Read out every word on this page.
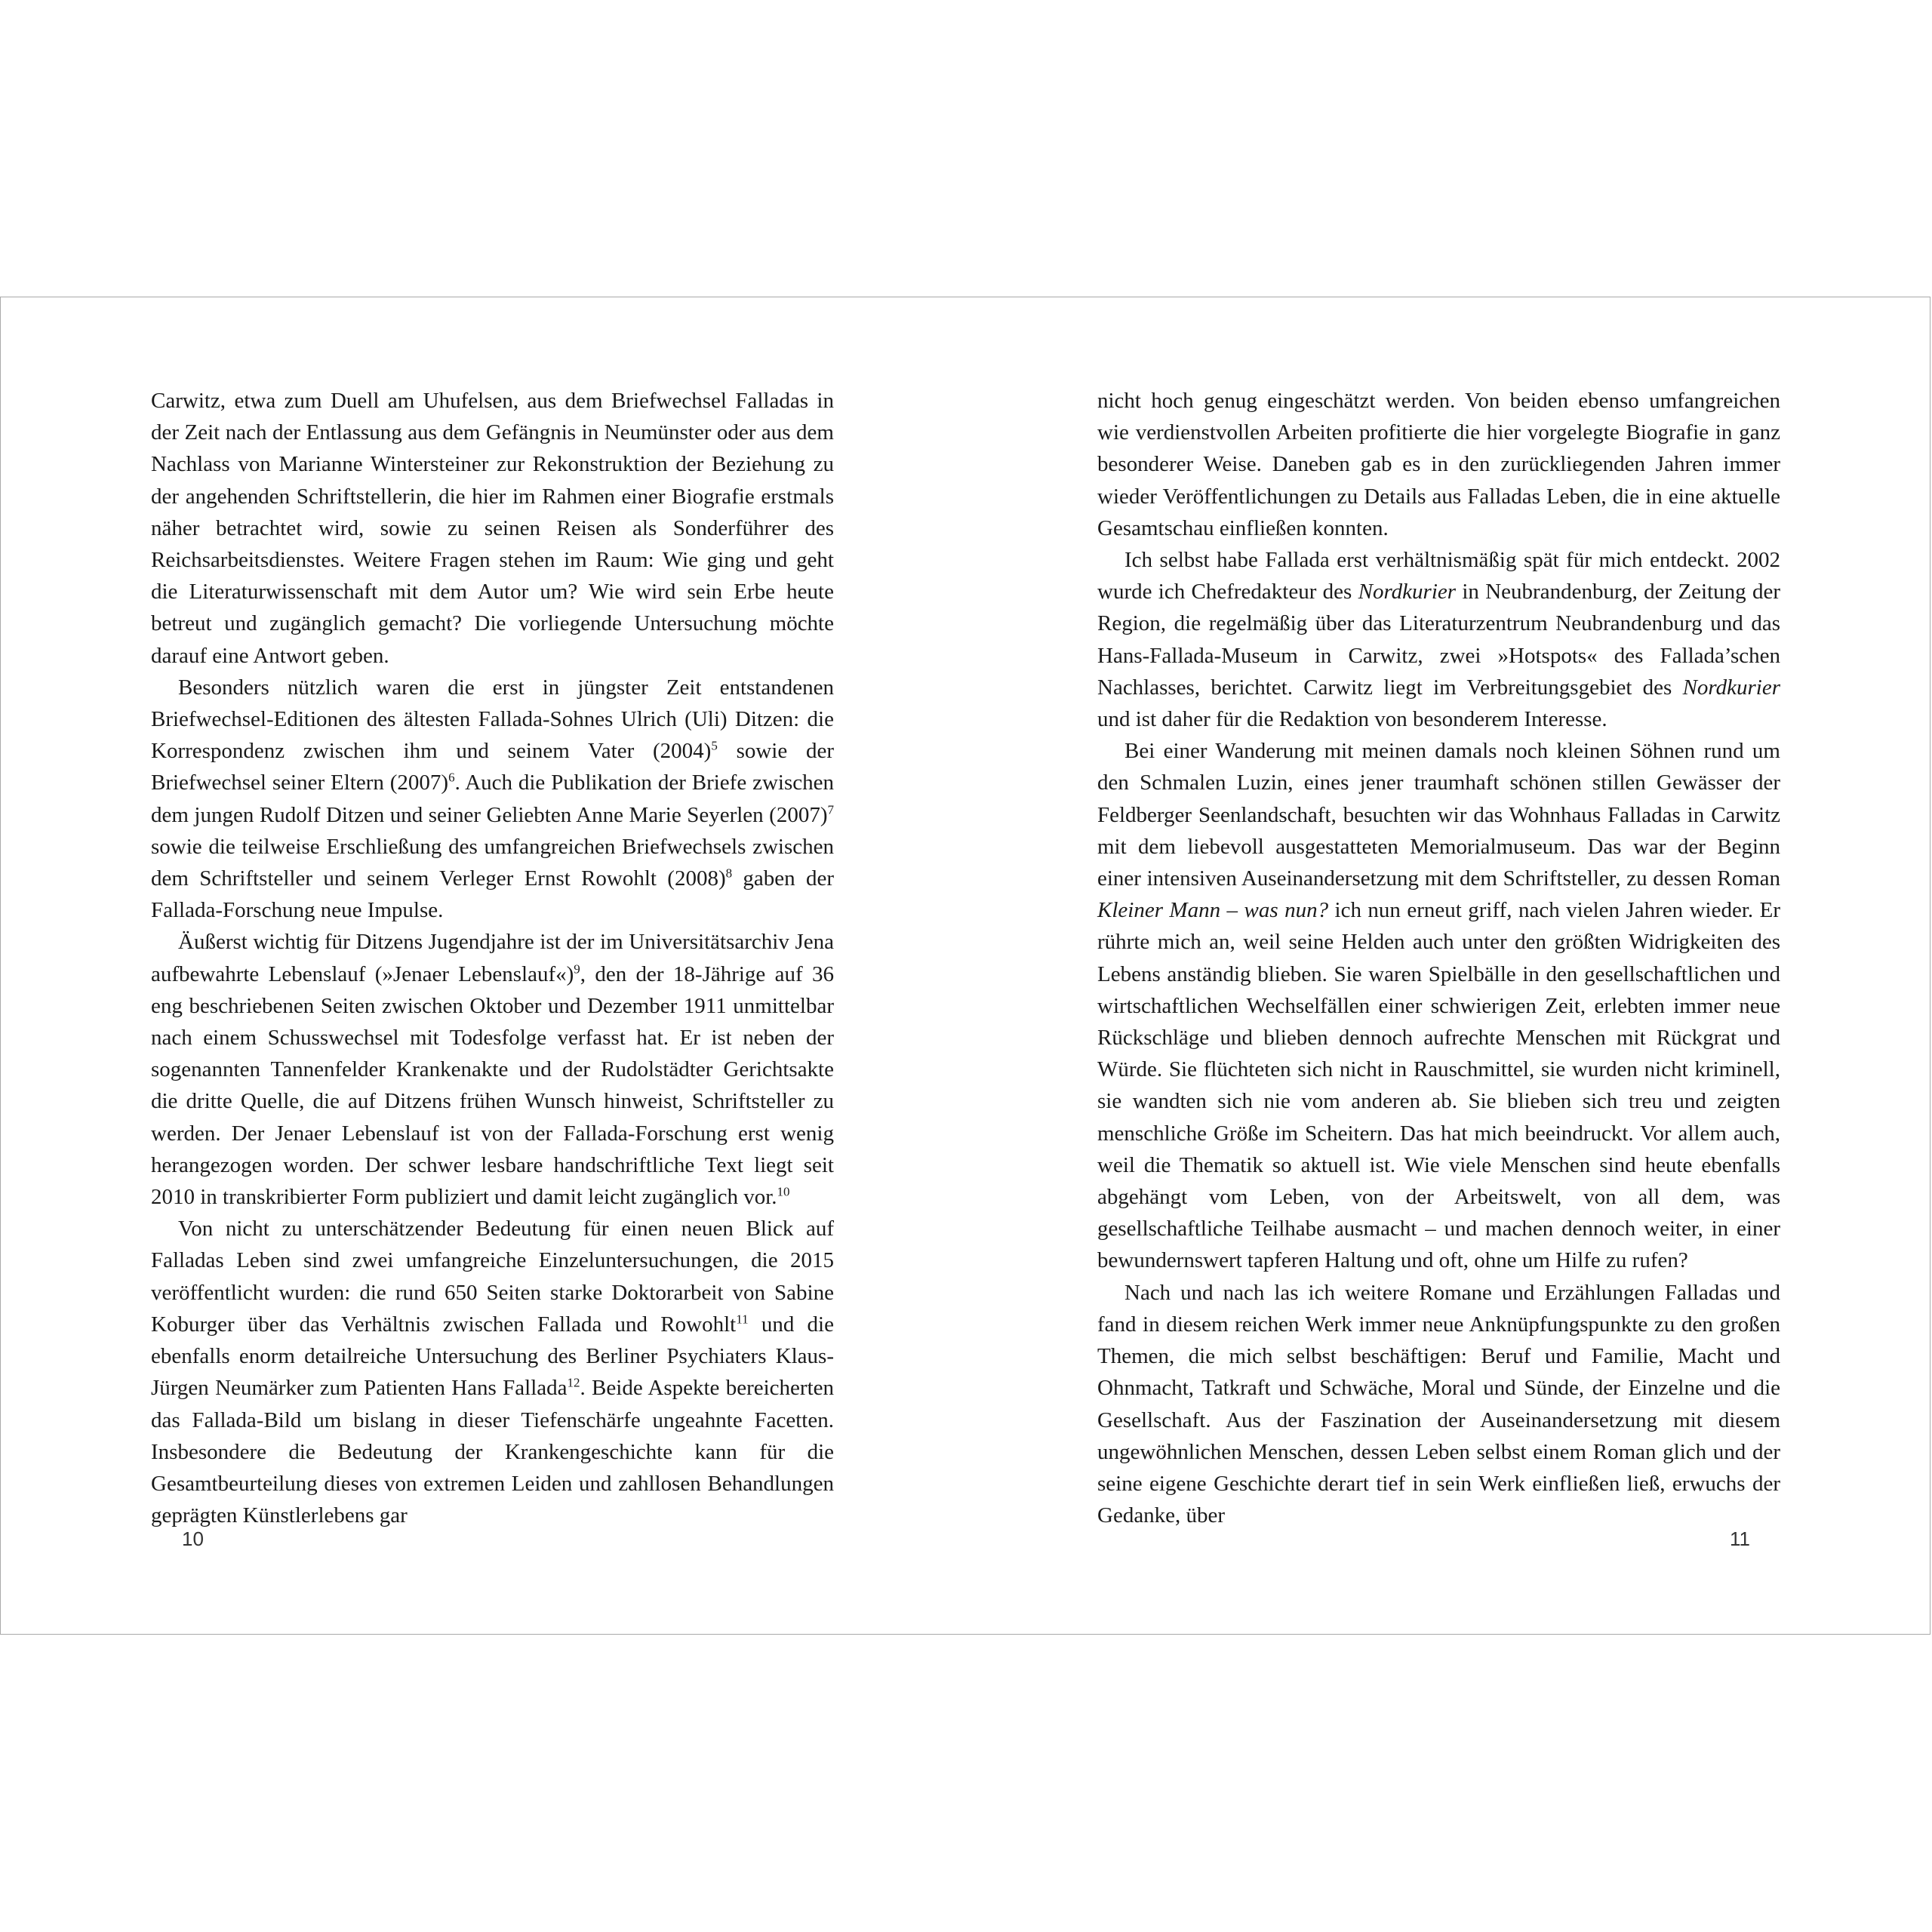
Carwitz, etwa zum Duell am Uhufelsen, aus dem Briefwechsel Falladas in der Zeit nach der Entlassung aus dem Gefängnis in Neumünster oder aus dem Nachlass von Marianne Wintersteiner zur Rekonstruktion der Beziehung zu der angehenden Schriftstellerin, die hier im Rahmen einer Biografie erstmals näher betrachtet wird, sowie zu seinen Reisen als Sonderführer des Reichsarbeitsdienstes. Weitere Fragen stehen im Raum: Wie ging und geht die Literaturwissenschaft mit dem Autor um? Wie wird sein Erbe heute betreut und zugänglich gemacht? Die vorliegende Untersuchung möchte darauf eine Antwort geben.

Besonders nützlich waren die erst in jüngster Zeit entstandenen Briefwechsel-Editionen des ältesten Fallada-Sohnes Ulrich (Uli) Ditzen: die Korrespondenz zwischen ihm und seinem Vater (2004)$^5$ sowie der Briefwechsel seiner Eltern (2007)$^6$. Auch die Publikation der Briefe zwischen dem jungen Rudolf Ditzen und seiner Geliebten Anne Marie Seyerlen (2007)$^7$ sowie die teilweise Erschließung des umfangreichen Briefwechsels zwischen dem Schriftsteller und seinem Verleger Ernst Rowohlt (2008)$^8$ gaben der Fallada-Forschung neue Impulse.

Äußerst wichtig für Ditzens Jugendjahre ist der im Universitätsarchiv Jena aufbewahrte Lebenslauf (»Jenaer Lebenslauf«)$^9$, den der 18-Jährige auf 36 eng beschriebenen Seiten zwischen Oktober und Dezember 1911 unmittelbar nach einem Schusswechsel mit Todesfolge verfasst hat. Er ist neben der sogenannten Tannenfelder Krankenakte und der Rudolstädter Gerichtsakte die dritte Quelle, die auf Ditzens frühen Wunsch hinweist, Schriftsteller zu werden. Der Jenaer Lebenslauf ist von der Fallada-Forschung erst wenig herangezogen worden. Der schwer lesbare handschriftliche Text liegt seit 2010 in transkribierter Form publiziert und damit leicht zugänglich vor.$^{10}$

Von nicht zu unterschätzender Bedeutung für einen neuen Blick auf Falladas Leben sind zwei umfangreiche Einzeluntersuchungen, die 2015 veröffentlicht wurden: die rund 650 Seiten starke Doktorarbeit von Sabine Koburger über das Verhältnis zwischen Fallada und Rowohlt$^{11}$ und die ebenfalls enorm detailreiche Untersuchung des Berliner Psychiaters Klaus-Jürgen Neumärker zum Patienten Hans Fallada$^{12}$. Beide Aspekte bereicherten das Fallada-Bild um bislang in dieser Tiefenschärfe ungeahnte Facetten. Insbesondere die Bedeutung der Krankengeschichte kann für die Gesamtbeurteilung dieses von extremen Leiden und zahllosen Behandlungen geprägten Künstlerlebens gar

10

nicht hoch genug eingeschätzt werden. Von beiden ebenso umfangreichen wie verdienstvollen Arbeiten profitierte die hier vorgelegte Biografie in ganz besonderer Weise. Daneben gab es in den zurückliegenden Jahren immer wieder Veröffentlichungen zu Details aus Falladas Leben, die in eine aktuelle Gesamtschau einfließen konnten.

Ich selbst habe Fallada erst verhältnismäßig spät für mich entdeckt. 2002 wurde ich Chefredakteur des Nordkurier in Neubrandenburg, der Zeitung der Region, die regelmäßig über das Literaturzentrum Neubrandenburg und das Hans-Fallada-Museum in Carwitz, zwei »Hotspots« des Fallada’schen Nachlasses, berichtet. Carwitz liegt im Verbreitungsgebiet des Nordkurier und ist daher für die Redaktion von besonderem Interesse.

Bei einer Wanderung mit meinen damals noch kleinen Söhnen rund um den Schmalen Luzin, eines jener traumhaft schönen stillen Gewässer der Feldberger Seenlandschaft, besuchten wir das Wohnhaus Falladas in Carwitz mit dem liebevoll ausgestatteten Memorialmuseum. Das war der Beginn einer intensiven Auseinandersetzung mit dem Schriftsteller, zu dessen Roman Kleiner Mann – was nun? ich nun erneut griff, nach vielen Jahren wieder. Er rührte mich an, weil seine Helden auch unter den größten Widrigkeiten des Lebens anständig blieben. Sie waren Spielbälle in den gesellschaftlichen und wirtschaftlichen Wechselfällen einer schwierigen Zeit, erlebten immer neue Rückschläge und blieben dennoch aufrechte Menschen mit Rückgrat und Würde. Sie flüchteten sich nicht in Rauschmittel, sie wurden nicht kriminell, sie wandten sich nie vom anderen ab. Sie blieben sich treu und zeigten menschliche Größe im Scheitern. Das hat mich beeindruckt. Vor allem auch, weil die Thematik so aktuell ist. Wie viele Menschen sind heute ebenfalls abgehängt vom Leben, von der Arbeitswelt, von all dem, was gesellschaftliche Teilhabe ausmacht – und machen dennoch weiter, in einer bewundernswert tapferen Haltung und oft, ohne um Hilfe zu rufen?

Nach und nach las ich weitere Romane und Erzählungen Falladas und fand in diesem reichen Werk immer neue Anknüpfungspunkte zu den großen Themen, die mich selbst beschäftigen: Beruf und Familie, Macht und Ohnmacht, Tatkraft und Schwäche, Moral und Sünde, der Einzelne und die Gesellschaft. Aus der Faszination der Auseinandersetzung mit diesem ungewöhnlichen Menschen, dessen Leben selbst einem Roman glich und der seine eigene Geschichte derart tief in sein Werk einfließen ließ, erwuchs der Gedanke, über

11
